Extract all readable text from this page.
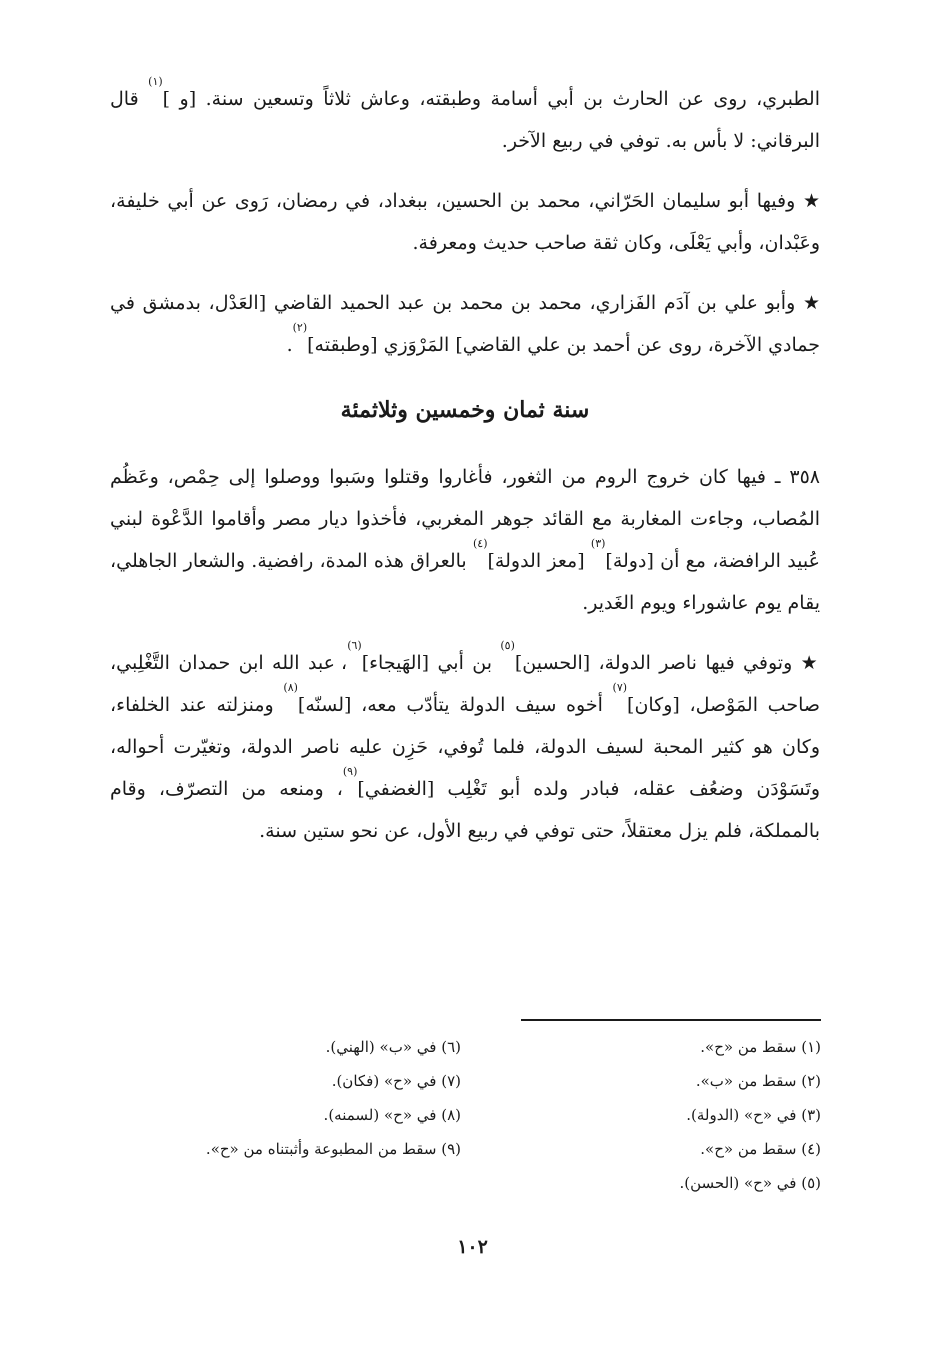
الطبري، روى عن الحارث بن أبي أسامة وطبقته، وعاش ثلاثاً وتسعين سنة. [و ]$^{(١)}$ قال البرقاني: لا بأس به. توفي في ربيع الآخر.

★ وفيها أبو سليمان الحَرّاني، محمد بن الحسين، ببغداد، في رمضان، رَوى عن أبي خليفة، وعَبْدان، وأبي يَعْلَى، وكان ثقة صاحب حديث ومعرفة.

★ وأبو علي بن آدَم الفَزاري، محمد بن محمد بن عبد الحميد القاضي [العَدْل، بدمشق في جمادي الآخرة، روى عن أحمد بن علي القاضي] المَرْوَزي [وطبقته]$^{(٢)}$.

سنة ثمان وخمسين وثلاثمئة

٣٥٨ ـ فيها كان خروج الروم من الثغور، فأغاروا وقتلوا وسَبوا ووصلوا إلى حِمْص، وعَظُم المُصاب، وجاءت المغاربة مع القائد جوهر المغربي، فأخذوا ديار مصر وأقاموا الدَّعْوة لبني عُبيد الرافضة، مع أن [دولة]$^{(٣)}$ [معز الدولة]$^{(٤)}$ بالعراق هذه المدة، رافضية. والشعار الجاهلي، يقام يوم عاشوراء ويوم الغَدير.

★ وتوفي فيها ناصر الدولة، [الحسين]$^{(٥)}$ بن أبي [الهَيجاء]$^{(٦)}$، عبد الله ابن حمدان التَّغْلِبي، صاحب المَوْصل، [وكان]$^{(٧)}$ أخوه سيف الدولة يتأدّب معه، [لسنّه]$^{(٨)}$ ومنزلته عند الخلفاء، وكان هو كثير المحبة لسيف الدولة، فلما تُوفي، حَزِن عليه ناصر الدولة، وتغيّرت أحواله، وتَسَوْدَن وضعُف عقله، فبادر ولده أبو تَغْلِب [الغضفي]$^{(٩)}$، ومنعه من التصرّف، وقام بالمملكة، فلم يزل معتقلاً، حتى توفي في ربيع الأول، عن نحو ستين سنة.

(١) سقط من «ح».
(٢) سقط من «ب».
(٣) في «ح» (الدولة).
(٤) سقط من «ح».
(٥) في «ح» (الحسن).
(٦) في «ب» (الهني).
(٧) في «ح» (فكان).
(٨) في «ح» (لسمنه).
(٩) سقط من المطبوعة وأثبتناه من «ح».
١٠٢
